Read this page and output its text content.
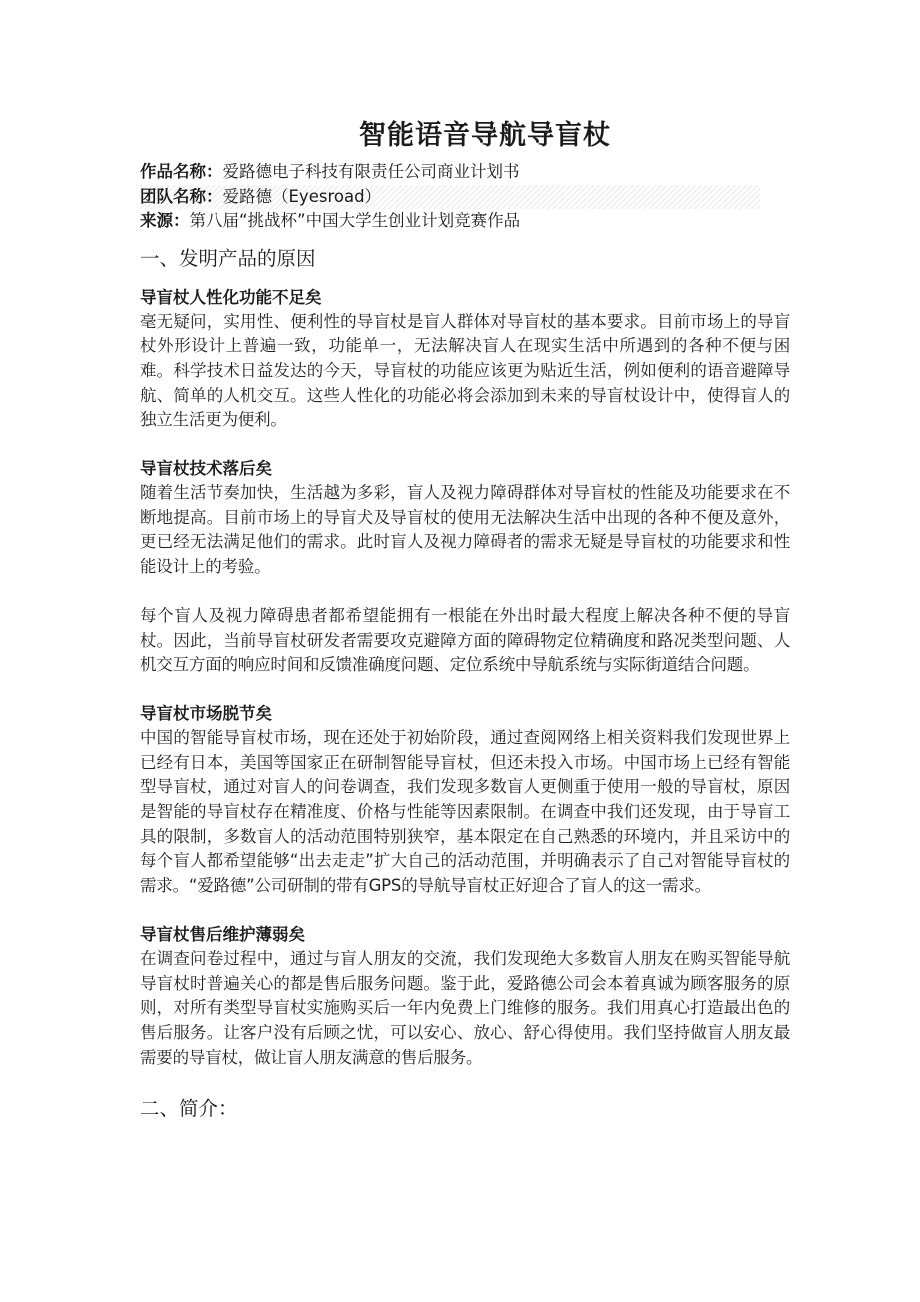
智能语音导航导盲杖
作品名称：爱路德电子科技有限责任公司商业计划书
团队名称：爱路德（Eyesroad）
来源：第八届“挑战杯”中国大学生创业计划竞赛作品
一、发明产品的原因

导盲杖人性化功能不足矣

毫无疑问，实用性、便利性的导盲杖是盲人群体对导盲杖的基本要求。目前市场上的导盲杖外形设计上普遍一致，功能单一，无法解决盲人在现实生活中所遇到的各种不便与困难。科学技术日益发达的今天，导盲杖的功能应该更为贴近生活，例如便利的语音避障导航、简单的人机交互。这些人性化的功能必将会添加到未来的导盲杖设计中，使得盲人的独立生活更为便利。

导盲杖技术落后矣

随着生活节奏加快，生活越为多彩，盲人及视力障碍群体对导盲杖的性能及功能要求在不断地提高。目前市场上的导盲犬及导盲杖的使用无法解决生活中出现的各种不便及意外，更已经无法满足他们的需求。此时盲人及视力障碍者的需求无疑是导盲杖的功能要求和性能设计上的考验。

每个盲人及视力障碍患者都希望能拥有一根能在外出时最大程度上解决各种不便的导盲杖。因此，当前导盲杖研发者需要攻克避障方面的障碍物定位精确度和路况类型问题、人机交互方面的响应时间和反馈准确度问题、定位系统中导航系统与实际街道结合问题。

导盲杖市场脱节矣

中国的智能导盲杖市场，现在还处于初始阶段，通过查阅网络上相关资料我们发现世界上已经有日本，美国等国家正在研制智能导盲杖，但还未投入市场。中国市场上已经有智能型导盲杖，通过对盲人的问卷调查，我们发现多数盲人更侧重于使用一般的导盲杖，原因是智能的导盲杖存在精准度、价格与性能等因素限制。在调查中我们还发现，由于导盲工具的限制，多数盲人的活动范围特别狭窄，基本限定在自己熟悉的环境内，并且采访中的每个盲人都希望能够“出去走走”扩大自己的活动范围，并明确表示了自己对智能导盲杖的需求。“爱路德”公司研制的带有GPS的导航导盲杖正好迎合了盲人的这一需求。

导盲杖售后维护薄弱矣

在调查问卷过程中，通过与盲人朋友的交流，我们发现绝大多数盲人朋友在购买智能导航导盲杖时普遍关心的都是售后服务问题。鉴于此，爱路德公司会本着真诚为顾客服务的原则，对所有类型导盲杖实施购买后一年内免费上门维修的服务。我们用真心打造最出色的售后服务。让客户没有后顾之忧，可以安心、放心、舒心得使用。我们坚持做盲人朋友最需要的导盲杖，做让盲人朋友满意的售后服务。

二、简介：
